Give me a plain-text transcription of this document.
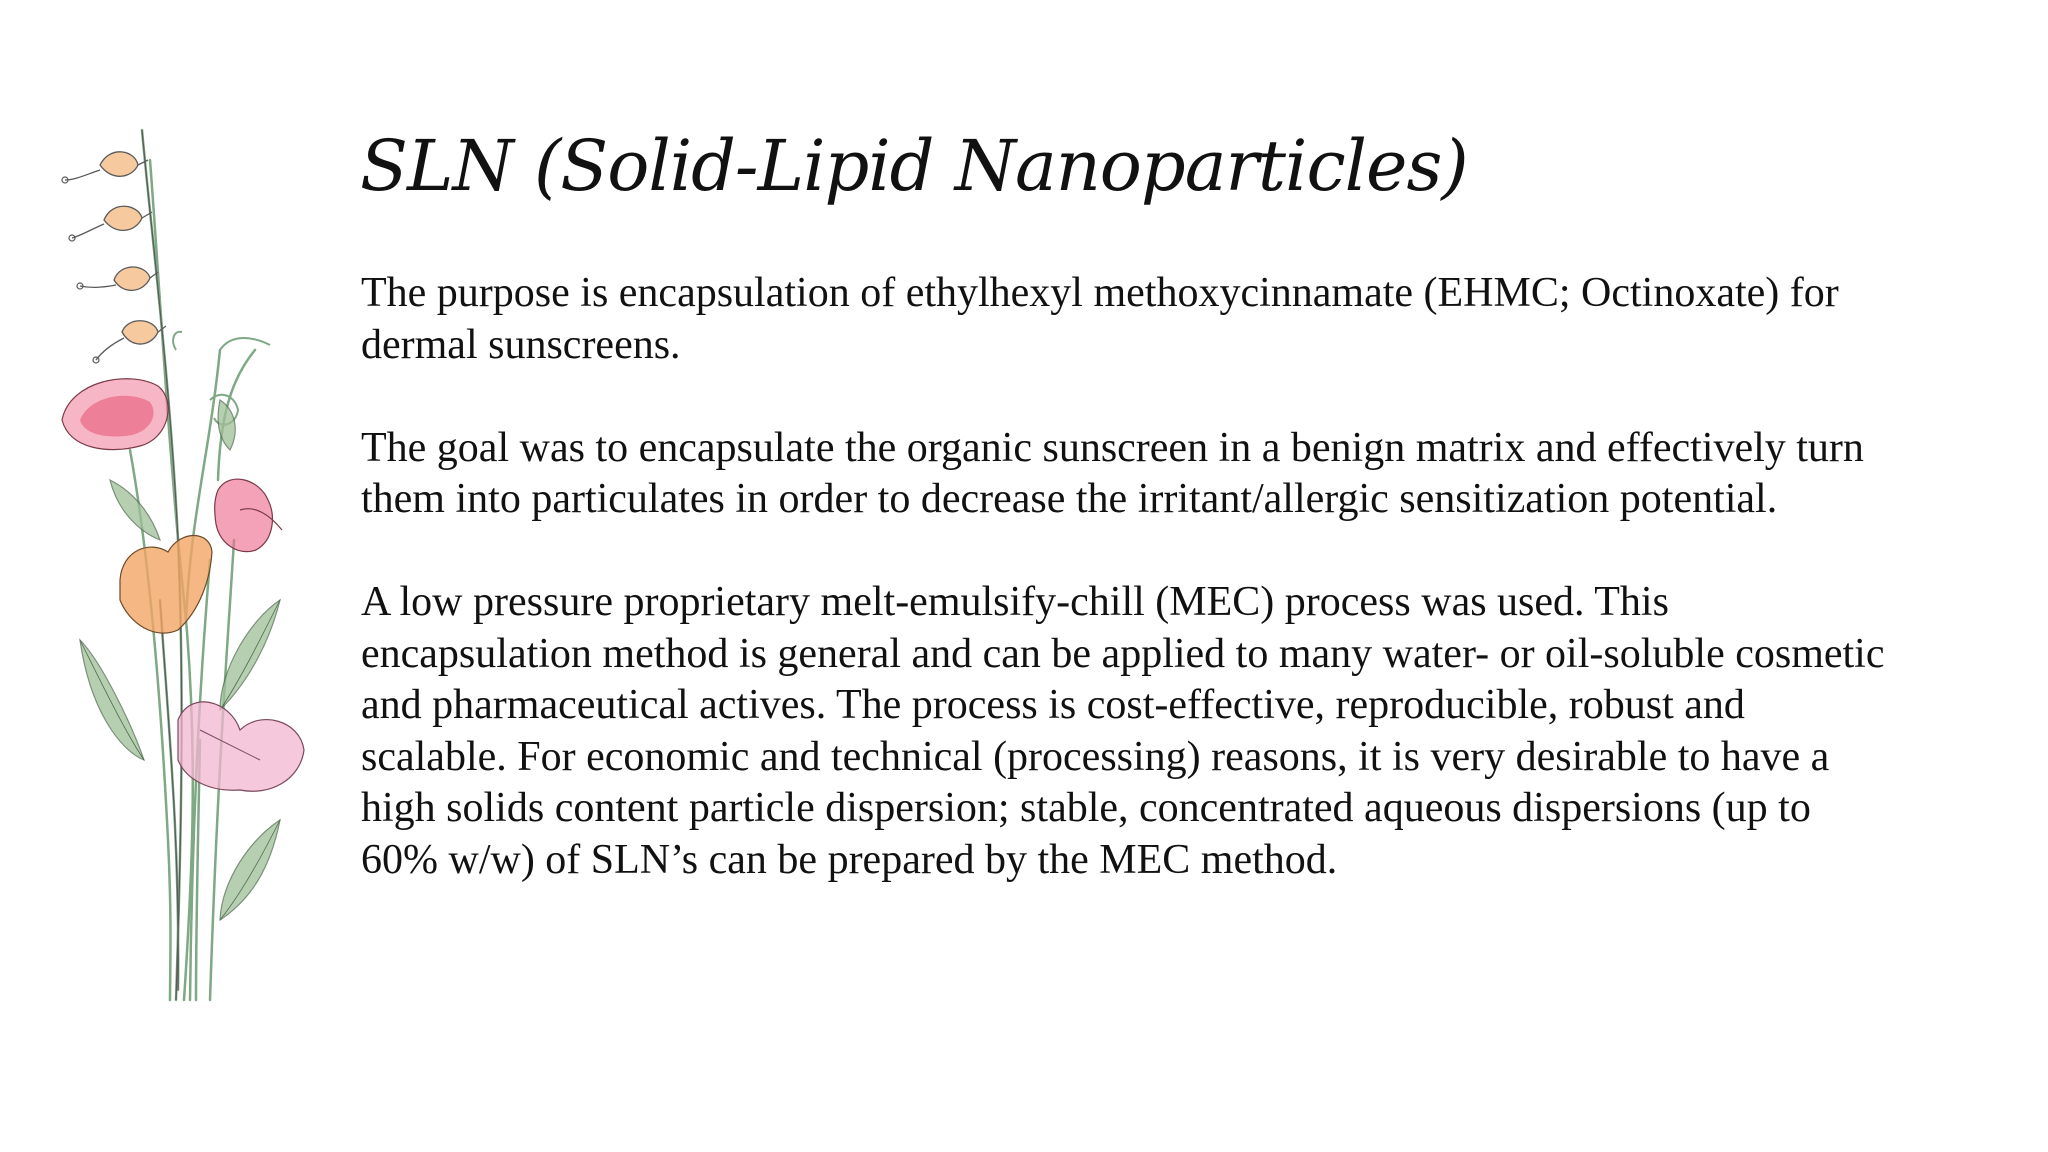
SLN (Solid-Lipid Nanoparticles)

The purpose is encapsulation of ethylhexyl methoxycinnamate (EHMC; Octinoxate) for dermal sunscreens.

The goal was to encapsulate the organic sunscreen in a benign matrix and effectively turn them into particulates in order to decrease the irritant/allergic sensitization potential.

A low pressure proprietary melt-emulsify-chill (MEC) process was used. This encapsulation method is general and can be applied to many water- or oil-soluble cosmetic and pharmaceutical actives. The process is cost-effective, reproducible, robust and scalable. For economic and technical (processing) reasons, it is very desirable to have a high solids content particle dispersion; stable, concentrated aqueous dispersions (up to 60% w/w) of SLN’s can be prepared by the MEC method.
